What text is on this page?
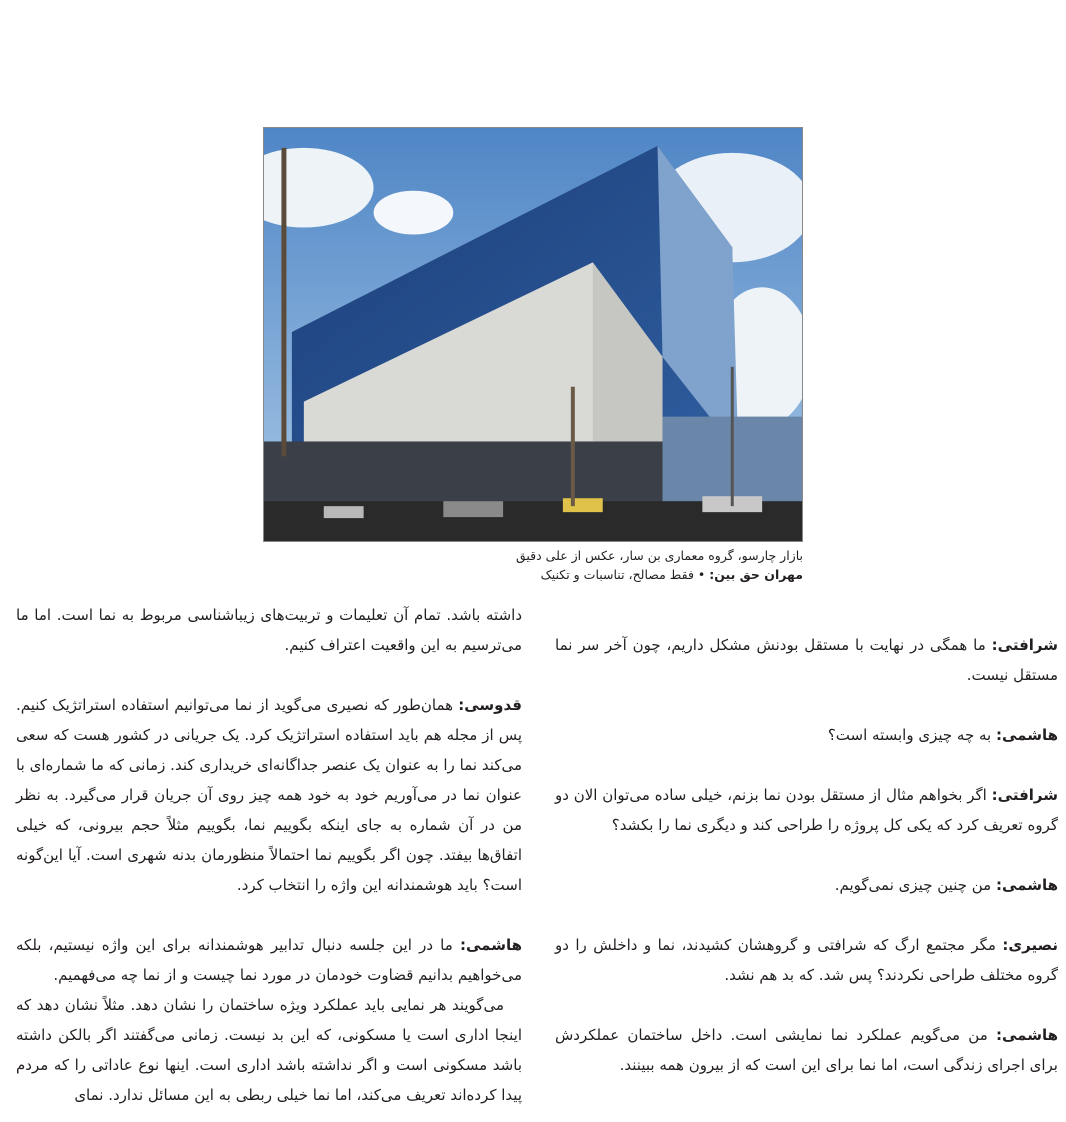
بازار چارسو، گروه معماری بن سار، عکس از علی دقیق
مهران حق بین: • فقط مصالح، تناسبات و تکنیک

شرافتی: ما همگی در نهایت با مستقل بودنش مشکل داریم، چون آخر سر نما مستقل نیست.

هاشمی: به چه چیزی وابسته است؟

شرافتی: اگر بخواهم مثال از مستقل بودن نما بزنم، خیلی ساده می‌توان الان دو گروه تعریف کرد که یکی کل پروژه را طراحی کند و دیگری نما را بکشد؟

هاشمی: من چنین چیزی نمی‌گویم.

نصیری: مگر مجتمع ارگ که شرافتی و گروهشان کشیدند، نما و داخلش را دو گروه مختلف طراحی نکردند؟ پس شد. که بد هم نشد.

هاشمی: من می‌گویم عملکرد نما نمایشی است. داخل ساختمان عملکردش برای اجرای زندگی است، اما نما برای این است که از بیرون همه ببینند.

داشته باشد. تمام آن تعلیمات و تربیت‌های زیباشناسی مربوط به نما است. اما ما می‌ترسیم به این واقعیت اعتراف کنیم.

قدوسی: همان‌طور که نصیری می‌گوید از نما می‌توانیم استفاده استراتژیک کنیم. پس از مجله هم باید استفاده استراتژیک کرد. یک جریانی در کشور هست که سعی می‌کند نما را به عنوان یک عنصر جداگانه‌ای خریداری کند. زمانی که ما شماره‌ای با عنوان نما در می‌آوریم خود به خود همه چیز روی آن جریان قرار می‌گیرد. به نظر من در آن شماره به جای اینکه بگوییم نما، بگوییم مثلاً حجم بیرونی، که خیلی اتفاق‌ها بیفتد. چون اگر بگوییم نما احتمالاً منظورمان بدنه شهری است. آیا این‌گونه است؟ باید هوشمندانه این واژه را انتخاب کرد.

هاشمی: ما در این جلسه دنبال تدابیر هوشمندانه برای این واژه نیستیم، بلکه می‌خواهیم بدانیم قضاوت خودمان در مورد نما چیست و از نما چه می‌فهمیم.

می‌گویند هر نمایی باید عملکرد ویژه ساختمان را نشان دهد. مثلاً نشان دهد که اینجا اداری است یا مسکونی، که این بد نیست. زمانی می‌گفتند اگر بالکن داشته باشد مسکونی است و اگر نداشته باشد اداری است. اینها نوع عاداتی را که مردم پیدا کرده‌اند تعریف می‌کند، اما نما خیلی ربطی به این مسائل ندارد. نمای
